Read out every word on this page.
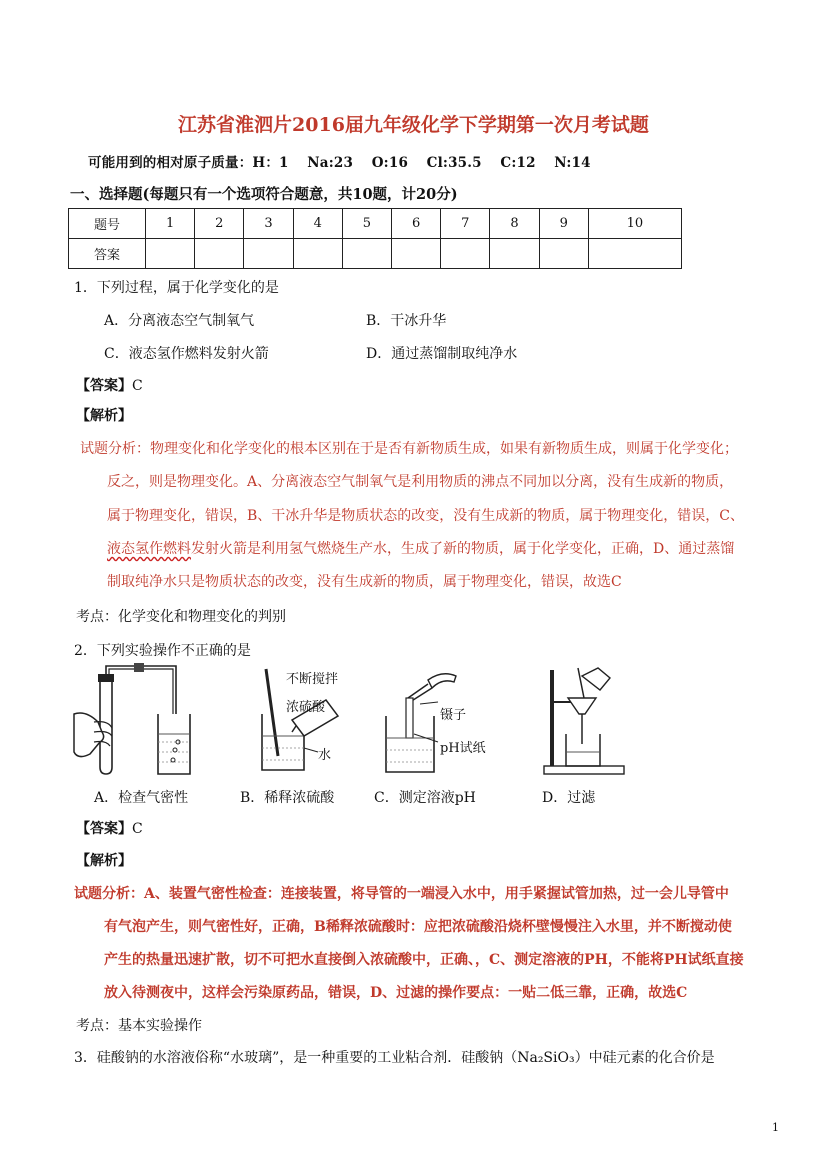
江苏省淮泗片2016届九年级化学下学期第一次月考试题
可能用到的相对原子质量：H：1　 Na:23　 O:16　 Cl:35.5　 C:12　 N:14
一、选择题(每题只有一个选项符合题意，共10题，计20分)
题号	1	2	3	4	5	6	7	8	9	10
答案										
1．下列过程，属于化学变化的是
A．分离液态空气制氧气	B．干冰升华
C．液态氢作燃料发射火箭	D．通过蒸馏制取纯净水
【答案】C
【解析】
试题分析：物理变化和化学变化的根本区别在于是否有新物质生成，如果有新物质生成，则属于化学变化；
反之，则是物理变化。A、分离液态空气制氧气是利用物质的沸点不同加以分离，没有生成新的物质，
属于物理变化，错误，B、干冰升华是物质状态的改变，没有生成新的物质，属于物理变化，错误，C、
液态氢作燃料发射火箭是利用氢气燃烧生产水，生成了新的物质，属于化学变化，正确，D、通过蒸馏
制取纯净水只是物质状态的改变，没有生成新的物质，属于物理变化，错误，故选C
考点：化学变化和物理变化的判别
2．下列实验操作不正确的是
不断搅拌
浓硫酸
水
镊子
pH试纸
A．检查气密性	B．稀释浓硫酸	C．测定溶液pH	D．过滤
【答案】C
【解析】
试题分析：A、装置气密性检查：连接装置，将导管的一端浸入水中，用手紧握试管加热，过一会儿导管中
有气泡产生，则气密性好，正确，B稀释浓硫酸时：应把浓硫酸沿烧杯壁慢慢注入水里，并不断搅动使
产生的热量迅速扩散，切不可把水直接倒入浓硫酸中，正确、，C、测定溶液的PH，不能将PH试纸直接
放入待测夜中，这样会污染原药品，错误，D、过滤的操作要点：一贴二低三靠，正确，故选C
考点：基本实验操作
3．硅酸钠的水溶液俗称“水玻璃”，是一种重要的工业粘合剂．硅酸钠（Na₂SiO₃）中硅元素的化合价是
1
